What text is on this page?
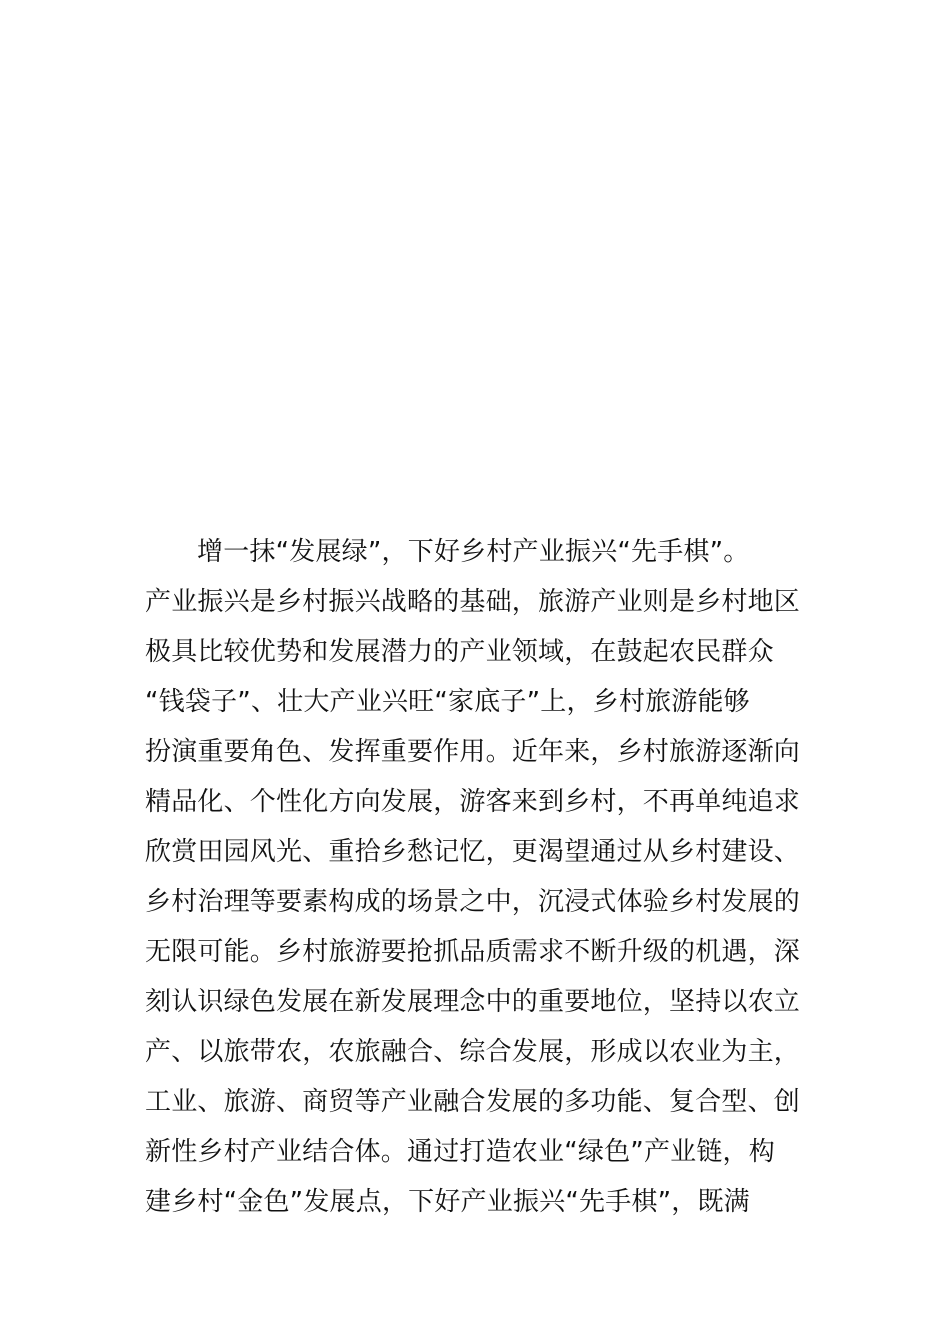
增一抹“发展绿”，下好乡村产业振兴“先手棋”。
产业振兴是乡村振兴战略的基础，旅游产业则是乡村地区
极具比较优势和发展潜力的产业领域，在鼓起农民群众
“钱袋子”、壮大产业兴旺“家底子”上，乡村旅游能够
扮演重要角色、发挥重要作用。近年来，乡村旅游逐渐向
精品化、个性化方向发展，游客来到乡村，不再单纯追求
欣赏田园风光、重拾乡愁记忆，更渴望通过从乡村建设、
乡村治理等要素构成的场景之中，沉浸式体验乡村发展的
无限可能。乡村旅游要抢抓品质需求不断升级的机遇，深
刻认识绿色发展在新发展理念中的重要地位，坚持以农立
产、以旅带农，农旅融合、综合发展，形成以农业为主，
工业、旅游、商贸等产业融合发展的多功能、复合型、创
新性乡村产业结合体。通过打造农业“绿色”产业链，构
建乡村“金色”发展点，下好产业振兴“先手棋”，既满
